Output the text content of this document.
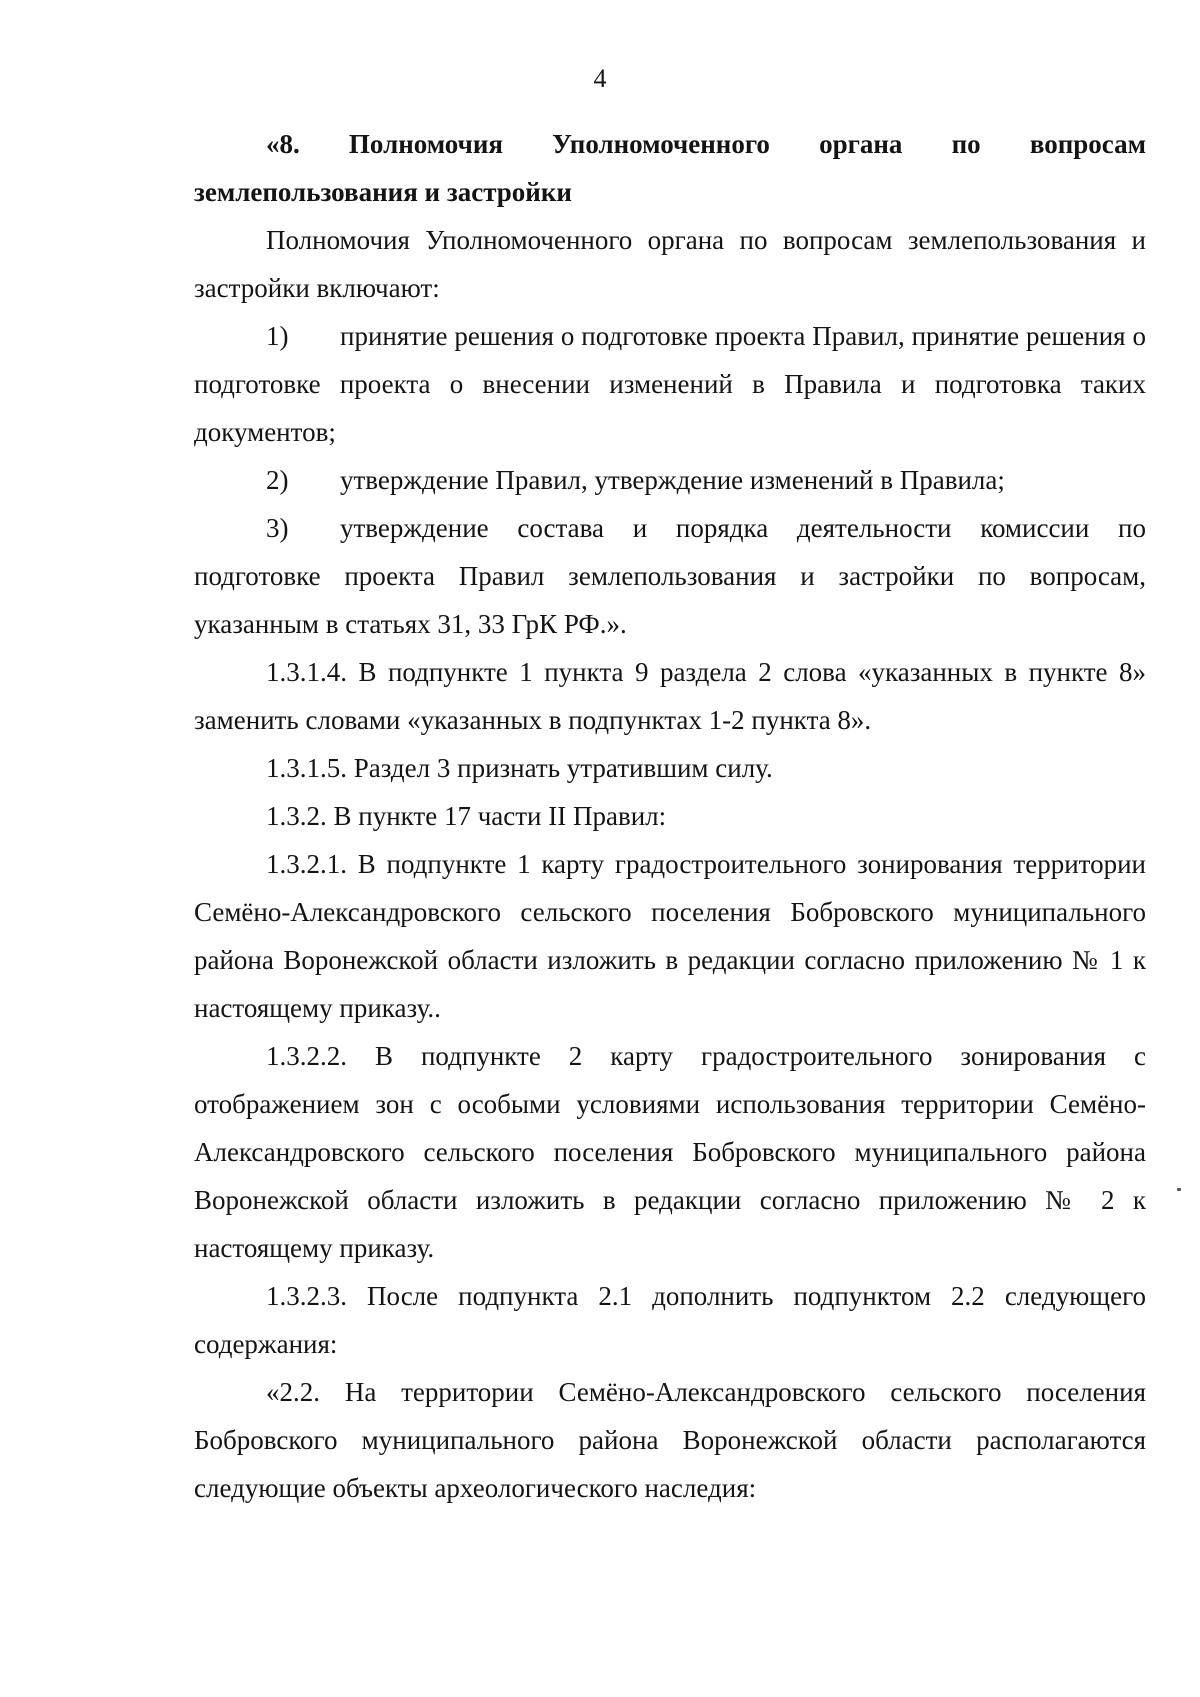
4

«8. Полномочия Уполномоченного органа по вопросам землепользования и застройки

Полномочия Уполномоченного органа по вопросам землепользования и застройки включают:

1) принятие решения о подготовке проекта Правил, принятие решения о подготовке проекта о внесении изменений в Правила и подготовка таких документов;

2) утверждение Правил, утверждение изменений в Правила;

3) утверждение состава и порядка деятельности комиссии по подготовке проекта Правил землепользования и застройки по вопросам, указанным в статьях 31, 33 ГрК РФ.».

1.3.1.4. В подпункте 1 пункта 9 раздела 2 слова «указанных в пункте 8» заменить словами «указанных в подпунктах 1-2 пункта 8».

1.3.1.5. Раздел 3 признать утратившим силу.

1.3.2. В пункте 17 части II Правил:

1.3.2.1. В подпункте 1 карту градостроительного зонирования территории Семёно-Александровского сельского поселения Бобровского муниципального района Воронежской области изложить в редакции согласно приложению № 1 к настоящему приказу..

1.3.2.2. В подпункте 2 карту градостроительного зонирования с отображением зон с особыми условиями использования территории Семёно-Александровского сельского поселения Бобровского муниципального района Воронежской области изложить в редакции согласно приложению № 2 к настоящему приказу.

1.3.2.3. После подпункта 2.1 дополнить подпунктом 2.2 следующего содержания:

«2.2. На территории Семёно-Александровского сельского поселения Бобровского муниципального района Воронежской области располагаются следующие объекты археологического наследия:
